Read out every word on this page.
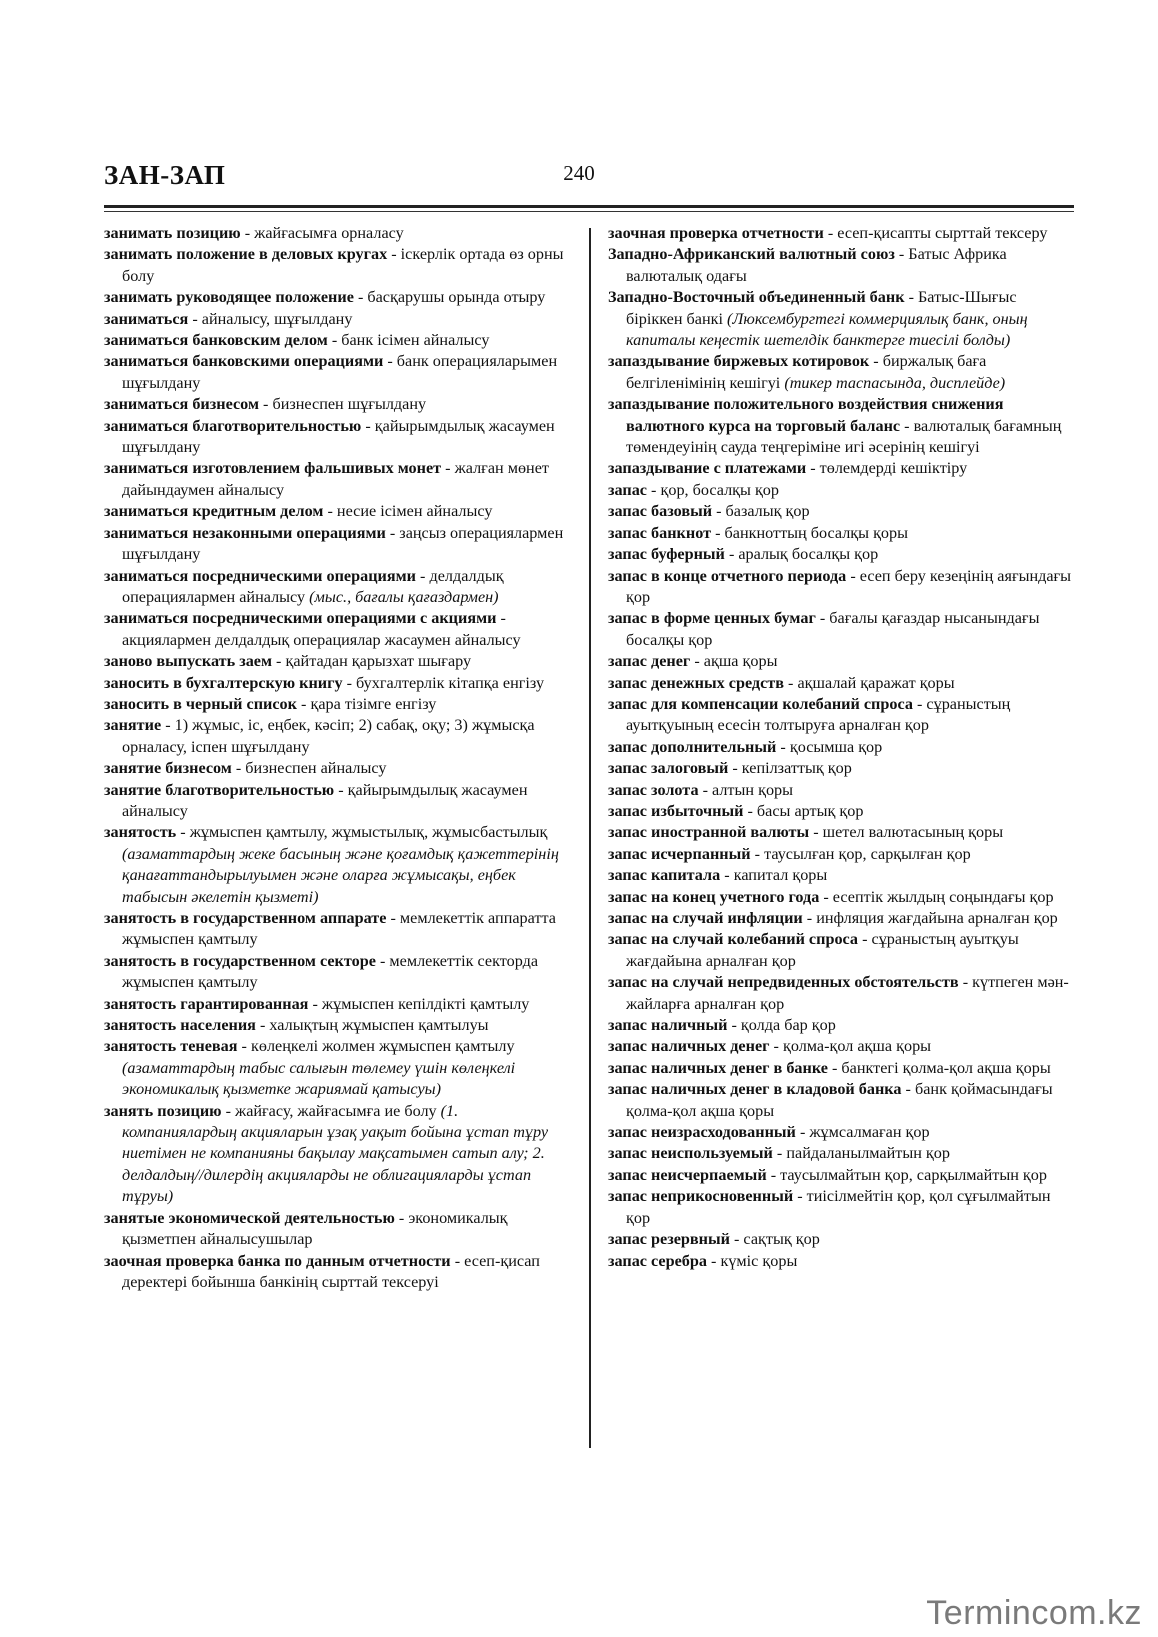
ЗАН-ЗАП	240

занимать позицию - жайғасымға орналасу

занимать положение в деловых кругах - іскерлік ортада өз орны болу

занимать руководящее положение - басқарушы орында отыру

заниматься - айналысу, шұғылдану

заниматься банковским делом - банк ісімен айналысу

заниматься банковскими операциями - банк операцияларымен шұғылдану

заниматься бизнесом - бизнеспен шұғылдану

заниматься благотворительностью - қайырымдылық жасаумен шұғылдану

заниматься изготовлением фальшивых монет - жалған мөнет дайындаумен айналысу

заниматься кредитным делом - несие ісімен айналысу

заниматься незаконными операциями - заңсыз операциялармен шұғылдану

заниматься посредническими операциями - делдалдық операциялармен айналысу (мыс., бағалы қағаздармен)

заниматься посредническими операциями с акциями - акциялармен делдалдық операциялар жасаумен айналысу

заново выпускать заем - қайтадан қарызхат шығару

заносить в бухгалтерскую книгу - бухгалтерлік кітапқа енгізу

заносить в черный список - қара тізімге енгізу

занятие - 1) жұмыс, іс, еңбек, кәсіп; 2) сабақ, оқу; 3) жұмысқа орналасу, іспен шұғылдану

занятие бизнесом - бизнеспен айналысу

занятие благотворительностью - қайырымдылық жасаумен айналысу

занятость - жұмыспен қамтылу, жұмыстылық, жұмысбастылық (азаматтардың жеке басының және қоғамдық қажеттерінің қанағаттандырылуымен және оларға жұмысақы, еңбек табысын әкелетін қызметі)

занятость в государственном аппарате - мемлекеттік аппаратта жұмыспен қамтылу

занятость в государственном секторе - мемлекеттік секторда жұмыспен қамтылу

занятость гарантированная - жұмыспен кепілдікті қамтылу

занятость населения - халықтың жұмыспен қамтылуы

занятость теневая - көлеңкелі жолмен жұмыспен қамтылу (азаматтардың табыс салығын төлемеу үшін көлеңкелі экономикалық қызметке жариямай қатысуы)

занять позицию - жайғасу, жайғасымға ие болу (1. компаниялардың акцияларын ұзақ уақыт бойына ұстап тұру ниетімен не компанияны бақылау мақсатымен сатып алу; 2. делдалдың//дилердің акцияларды не облигацияларды ұстап тұруы)

занятые экономической деятельностью - экономикалық қызметпен айналысушылар

заочная проверка банка по данным отчетности - есеп-қисап деректері бойынша банкінің сырттай тексеруі

заочная проверка отчетности - есеп-қисапты сырттай тексеру

Западно-Африканский валютный союз - Батыс Африка валюталық одағы

Западно-Восточный объединенный банк - Батыс-Шығыс біріккен банкі (Люксембургтегі коммерциялық банк, оның капиталы кеңестік шетелдік банктерге тиесілі болды)

запаздывание биржевых котировок - биржалық баға белгіленімінің кешігуі (тикер таспасында, дисплейде)

запаздывание положительного воздействия снижения валютного курса на торговый баланс - валюталық бағамның төмендеуінің сауда теңгеріміне игі әсерінің кешігуі

запаздывание с платежами - төлемдерді кешіктіру

запас - қор, босалқы қор

запас базовый - базалық қор

запас банкнот - банкноттың босалқы қоры

запас буферный - аралық босалқы қор

запас в конце отчетного периода - есеп беру кезеңінің аяғындағы қор

запас в форме ценных бумаг - бағалы қағаздар нысанындағы босалқы қор

запас денег - ақша қоры

запас денежных средств - ақшалай қаражат қоры

запас для компенсации колебаний спроса - сұраныстың ауытқуының есесін толтыруға арналған қор

запас дополнительный - қосымша қор

запас залоговый - кепілзаттық қор

запас золота - алтын қоры

запас избыточный - басы артық қор

запас иностранной валюты - шетел валютасының қоры

запас исчерпанный - таусылған қор, сарқылған қор

запас капитала - капитал қоры

запас на конец учетного года - есептік жылдың соңындағы қор

запас на случай инфляции - инфляция жағдайына арналған қор

запас на случай колебаний спроса - сұраныстың ауытқуы жағдайына арналған қор

запас на случай непредвиденных обстоятельств - күтпеген мән-жайларға арналған қор

запас наличный - қолда бар қор

запас наличных денег - қолма-қол ақша қоры

запас наличных денег в банке - банктегі қолма-қол ақша қоры

запас наличных денег в кладовой банка - банк қоймасындағы қолма-қол ақша қоры

запас неизрасходованный - жұмсалмаған қор

запас неиспользуемый - пайдаланылмайтын қор

запас неисчерпаемый - таусылмайтын қор, сарқылмайтын қор

запас неприкосновенный - тиісілмейтін қор, қол сұғылмайтын қор

запас резервный - сақтық қор

запас серебра - күміс қоры

Termincom.kz
